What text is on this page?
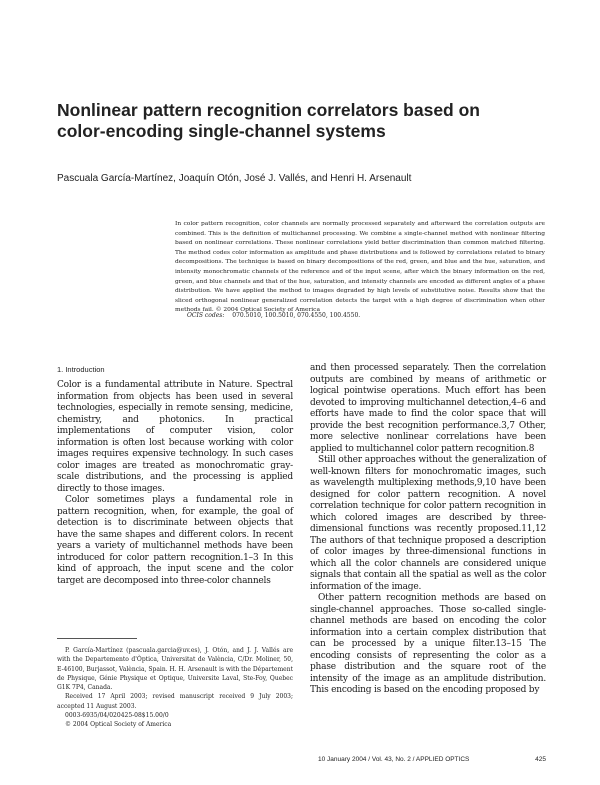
Nonlinear pattern recognition correlators based on color-encoding single-channel systems
Pascuala García-Martínez, Joaquín Otón, José J. Vallés, and Henri H. Arsenault
In color pattern recognition, color channels are normally processed separately and afterward the correlation outputs are combined. This is the definition of multichannel processing. We combine a single-channel method with nonlinear filtering based on nonlinear correlations. These nonlinear correlations yield better discrimination than common matched filtering. The method codes color information as amplitude and phase distributions and is followed by correlations related to binary decompositions. The technique is based on binary decompositions of the red, green, and blue and the hue, saturation, and intensity monochromatic channels of the reference and of the input scene, after which the binary information on the red, green, and blue channels and that of the hue, saturation, and intensity channels are encoded as different angles of a phase distribution. We have applied the method to images degraded by high levels of substitutive noise. Results show that the sliced orthogonal nonlinear generalized correlation detects the target with a high degree of discrimination when other methods fail. © 2004 Optical Society of America
OCIS codes: 070.5010, 100.5010, 070.4550, 100.4550.
1. Introduction

Color is a fundamental attribute in Nature. Spectral information from objects has been used in several technologies, especially in remote sensing, medicine, chemistry, and photonics. In practical implementations of computer vision, color information is often lost because working with color images requires expensive technology. In such cases color images are treated as monochromatic gray-scale distributions, and the processing is applied directly to those images.

Color sometimes plays a fundamental role in pattern recognition, when, for example, the goal of detection is to discriminate between objects that have the same shapes and different colors. In recent years a variety of multichannel methods have been introduced for color pattern recognition.1–3 In this kind of approach, the input scene and the color target are decomposed into three-color channels

and then processed separately. Then the correlation outputs are combined by means of arithmetic or logical pointwise operations. Much effort has been devoted to improving multichannel detection,4–6 and efforts have made to find the color space that will provide the best recognition performance.3,7 Other, more selective nonlinear correlations have been applied to multichannel color pattern recognition.8

Still other approaches without the generalization of well-known filters for monochromatic images, such as wavelength multiplexing methods,9,10 have been designed for color pattern recognition. A novel correlation technique for color pattern recognition in which colored images are described by three-dimensional functions was recently proposed.11,12 The authors of that technique proposed a description of color images by three-dimensional functions in which all the color channels are considered unique signals that contain all the spatial as well as the color information of the image.

Other pattern recognition methods are based on single-channel approaches. Those so-called single-channel methods are based on encoding the color information into a certain complex distribution that can be processed by a unique filter.13–15 The encoding consists of representing the color as a phase distribution and the square root of the intensity of the image as an amplitude distribution. This encoding is based on the encoding proposed by

P. García-Martínez (pascuala.garcia@uv.es), J. Otón, and J. J. Vallés are with the Departemento d'Òptica, Universitat de València, C/Dr. Moliner, 50, E-46100, Burjassot, València, Spain. H. H. Arsenault is with the Département de Physique, Génie Physique et Optique, Universite Laval, Ste-Foy, Quebec G1K 7P4, Canada.

Received 17 April 2003; revised manuscript received 9 July 2003; accepted 11 August 2003.

0003-6935/04/020425-08$15.00/0

© 2004 Optical Society of America

10 January 2004 / Vol. 43, No. 2 / APPLIED OPTICS	425
